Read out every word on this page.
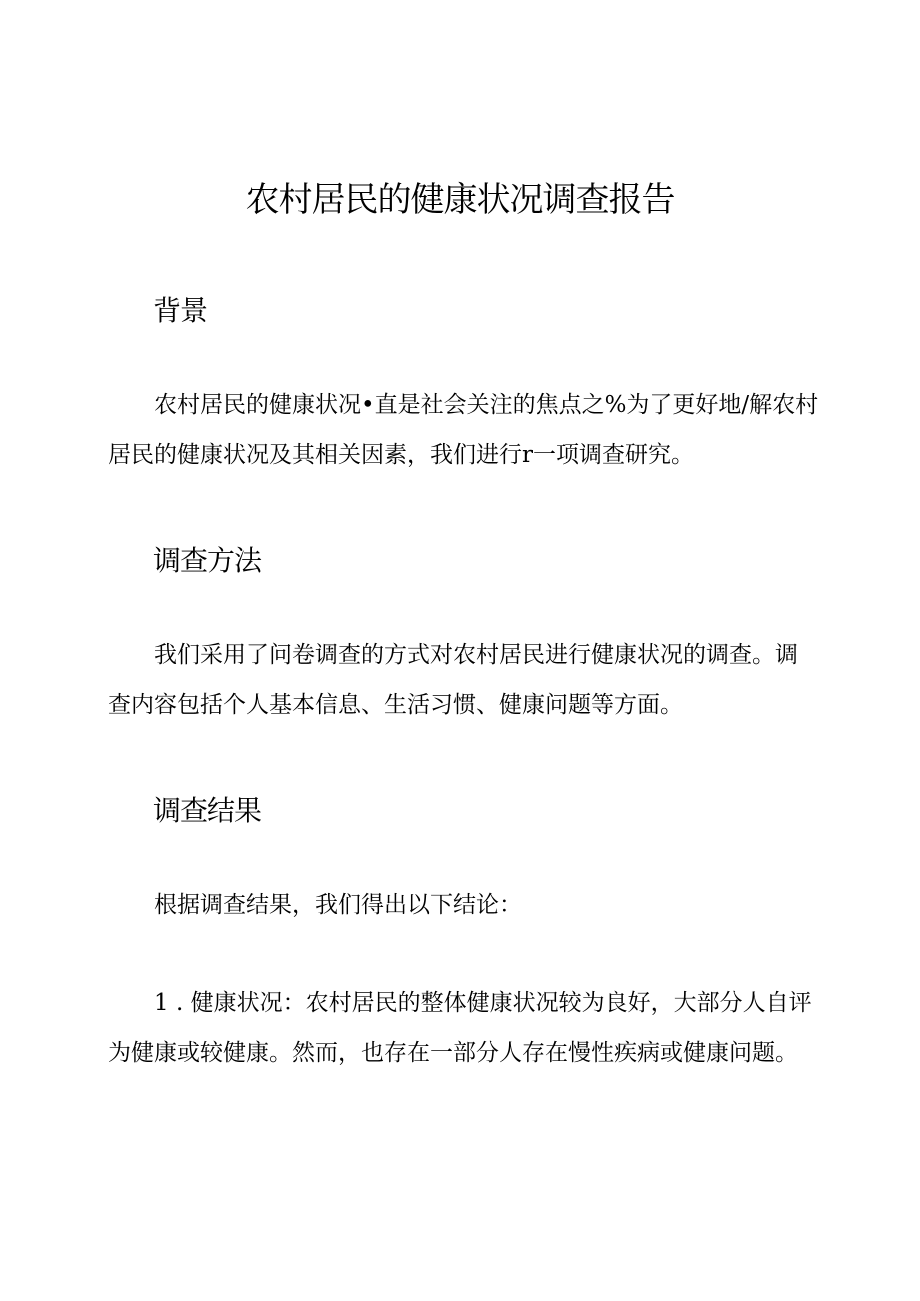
农村居民的健康状况调查报告
背景

农村居民的健康状况•直是社会关注的焦点之%为了更好地/解农村
居民的健康状况及其相关因素，我们进行r一项调查研究。

调查方法

我们采用了问卷调查的方式对农村居民进行健康状况的调查。调
查内容包括个人基本信息、生活习惯、健康问题等方面。

调查结果

根据调查结果，我们得出以下结论：

1 . 健康状况：农村居民的整体健康状况较为良好，大部分人自评
为健康或较健康。然而，也存在一部分人存在慢性疾病或健康问题。
